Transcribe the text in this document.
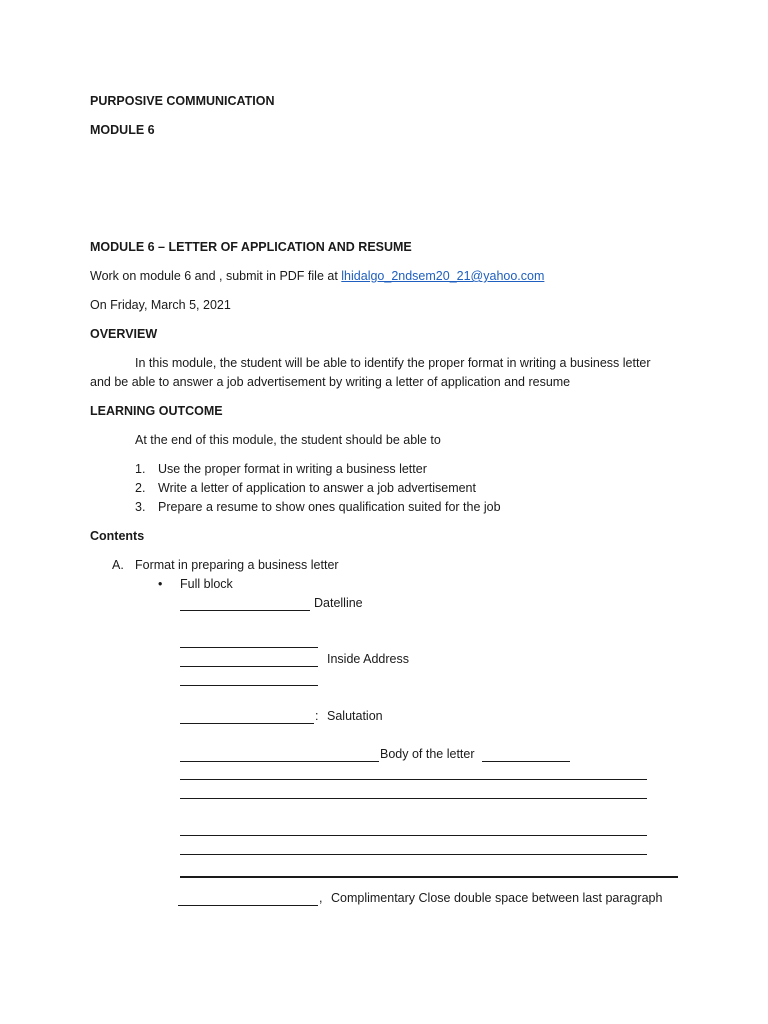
PURPOSIVE COMMUNICATION
MODULE 6
MODULE 6 – LETTER OF APPLICATION AND RESUME
Work on module 6 and , submit in PDF file at lhidalgo_2ndsem20_21@yahoo.com
On Friday, March 5, 2021
OVERVIEW
In this module, the student will be able to identify the proper format in writing a business letter
and be able to answer a job advertisement by writing a letter of application and resume
LEARNING OUTCOME
At the end of this module, the student should be able to
1. Use the proper format in writing a business letter
2. Write a letter of application to answer a job advertisement
3. Prepare a resume to show ones qualification suited for the job
Contents
A. Format in preparing a business letter
• Full block
Datelline
Inside Address
: Salutation
Body of the letter
, Complimentary Close double space between last paragraph
